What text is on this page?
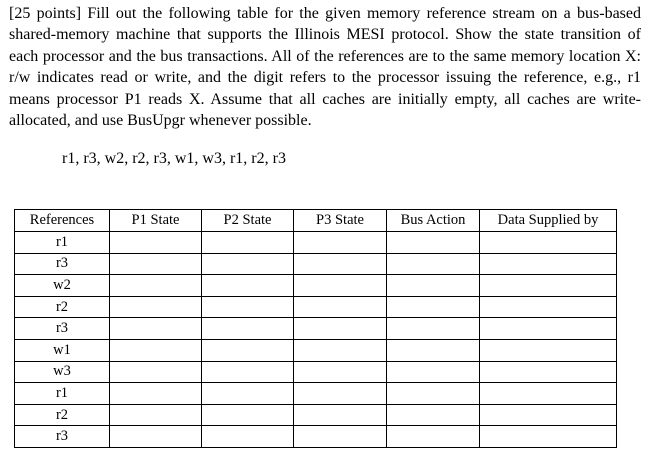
[25 points] Fill out the following table for the given memory reference stream on a bus-based shared-memory machine that supports the Illinois MESI protocol. Show the state transition of each processor and the bus transactions. All of the references are to the same memory location X: r/w indicates read or write, and the digit refers to the processor issuing the reference, e.g., r1 means processor P1 reads X. Assume that all caches are initially empty, all caches are write-allocated, and use BusUpgr whenever possible.

r1, r3, w2, r2, r3, w1, w3, r1, r2, r3

References	P1 State	P2 State	P3 State	Bus Action	Data Supplied by
r1					
r3					
w2					
r2					
r3					
w1					
w3					
r1					
r2					
r3					
